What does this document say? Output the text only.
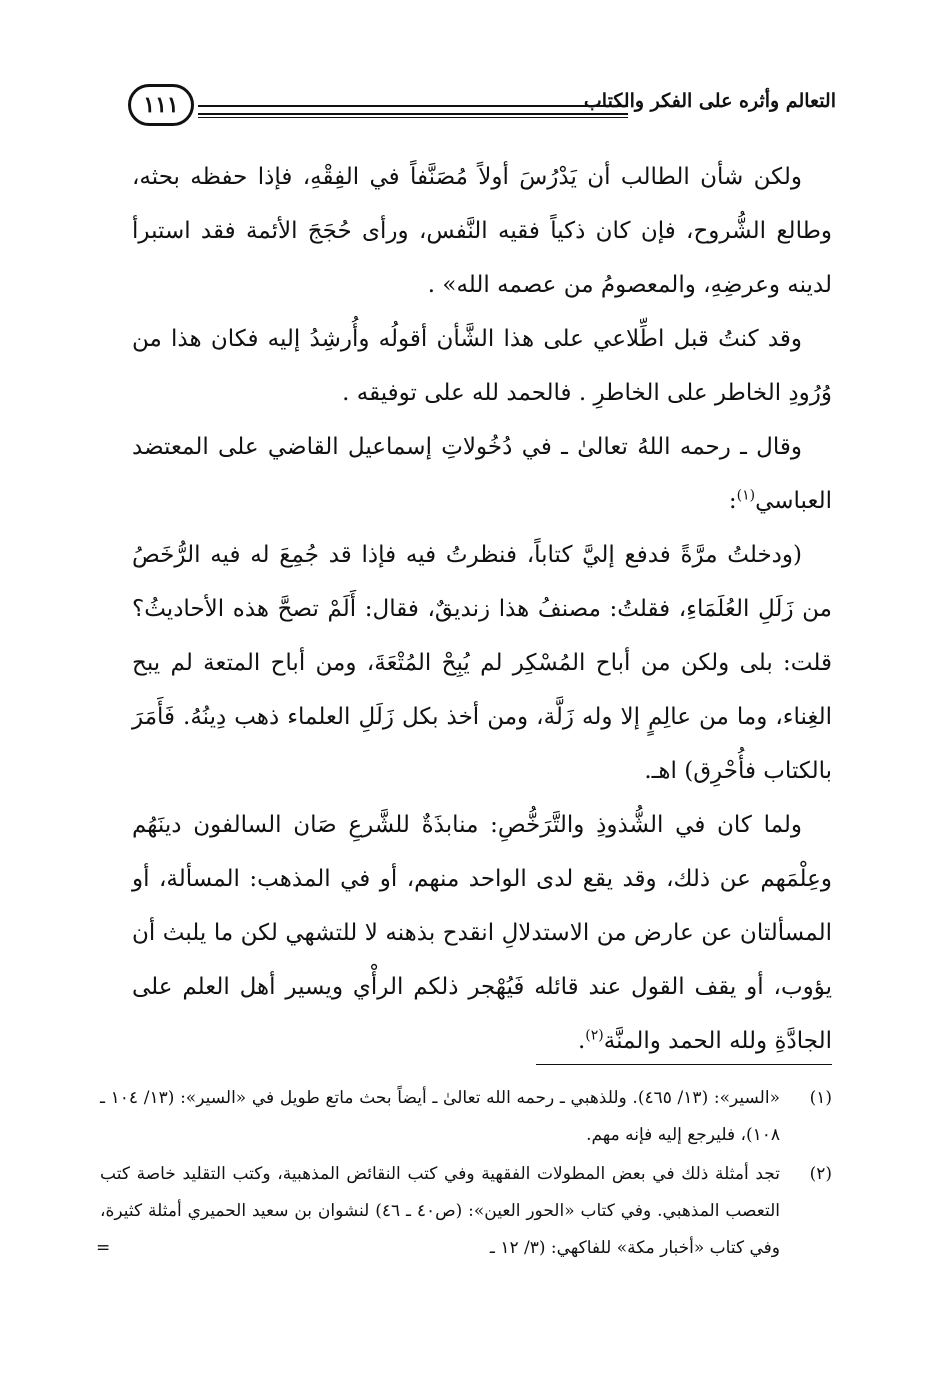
التعالم وأثره على الفكر والكتاب
١١١

ولكن شأن الطالب أن يَدْرُسَ أولاً مُصَنَّفاً في الفِقْهِ، فإذا حفظه بحثه، وطالع الشُّروح، فإن كان ذكياً فقيه النَّفس، ورأى حُجَجَ الأئمة فقد استبرأ لدينه وعرضِهِ، والمعصومُ من عصمه الله» .

وقد كنتُ قبل اطِّلاعي على هذا الشَّأن أقولُه وأُرشِدُ إليه فكان هذا من وُرُودِ الخاطر على الخاطرِ . فالحمد لله على توفيقه .

وقال ـ رحمه اللهُ تعالىٰ ـ في دُخُولاتِ إسماعيل القاضي على المعتضد العباسي$^{(١)}$:

(ودخلتُ مرَّةً فدفع إليَّ كتاباً، فنظرتُ فيه فإذا قد جُمِعَ له فيه الرُّخَصُ من زَلَلِ العُلَمَاءِ، فقلتُ: مصنفُ هذا زنديقٌ، فقال: أَلَمْ تصحَّ هذه الأحاديثُ؟ قلت: بلى ولكن من أباح المُسْكِر لم يُبِحْ المُتْعَةَ، ومن أباح المتعة لم يبح الغِناء، وما من عالِمٍ إلا وله زَلَّة، ومن أخذ بكل زَلَلِ العلماء ذهب دِينُهُ. فَأَمَرَ بالكتاب فأُحْرِق) اهـ.

ولما كان في الشُّذوذِ والتَّرَخُّصِ: منابذَةٌ للشَّرعِ صَان السالفون دينَهُم وعِلْمَهم عن ذلك، وقد يقع لدى الواحد منهم، أو في المذهب: المسألة، أو المسألتان عن عارض من الاستدلالِ انقدح بذهنه لا للتشهي لكن ما يلبث أن يؤوب، أو يقف القول عند قائله فَيُهْجر ذلكم الرأْي ويسير أهل العلم على الجادَّةِ ولله الحمد والمنَّة$^{(٢)}$.

(١)
«السير»: (١٣/ ٤٦٥). وللذهبي ـ رحمه الله تعالىٰ ـ أيضاً بحث ماتع طويل في «السير»: (١٣/ ١٠٤ ـ ١٠٨)، فليرجع إليه فإنه مهم.
(٢)
تجد أمثلة ذلك في بعض المطولات الفقهية وفي كتب النقائض المذهبية، وكتب التقليد خاصة كتب التعصب المذهبي. وفي كتاب «الحور العين»: (ص٤٠ ـ ٤٦) لنشوان بن سعيد الحميري أمثلة كثيرة، وفي كتاب «أخبار مكة» للفاكهي: (٣/ ١٢ ـ
=
